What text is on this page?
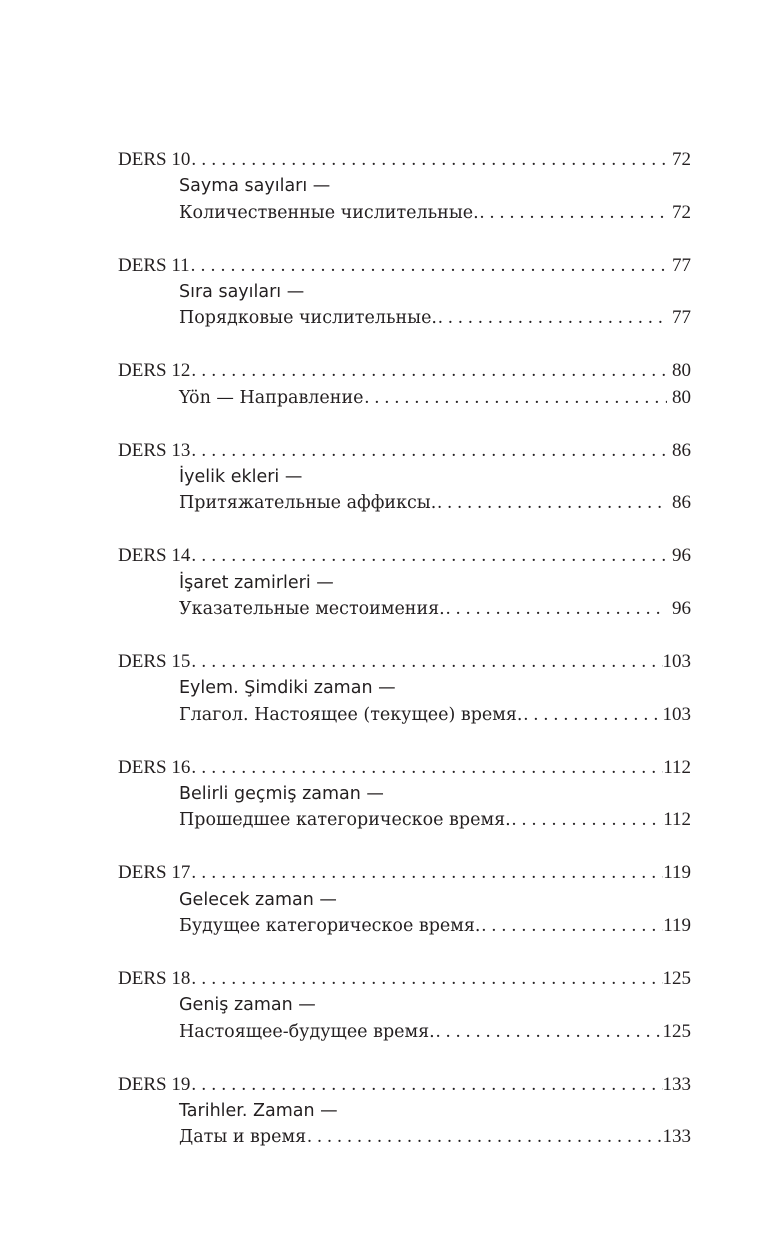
DERS 10 . . .	72
Sayma sayıları —
Количественные числительные. . . .	72
DERS 11 . . .	77
Sıra sayıları —
Порядковые числительные. . . .	77
DERS 12 . . .	80
Yön — Направление . . .	80
DERS 13 . . .	86
İyelik ekleri —
Притяжательные аффиксы. . . .	86
DERS 14 . . .	96
İşaret zamirleri —
Указательные местоимения. . . .	96
DERS 15 . . .	103
Eylem. Şimdiki zaman —
Глагол. Настоящее (текущее) время. . . .	103
DERS 16 . . .	112
Belirli geçmiş zaman —
Прошедшее категорическое время. . . .	112
DERS 17 . . .	119
Gelecek zaman —
Будущее категорическое время. . . .	119
DERS 18 . . .	125
Geniş zaman —
Настоящее-будущее время. . . .	125
DERS 19 . . .	133
Tarihler. Zaman —
Даты и время . . .	133
